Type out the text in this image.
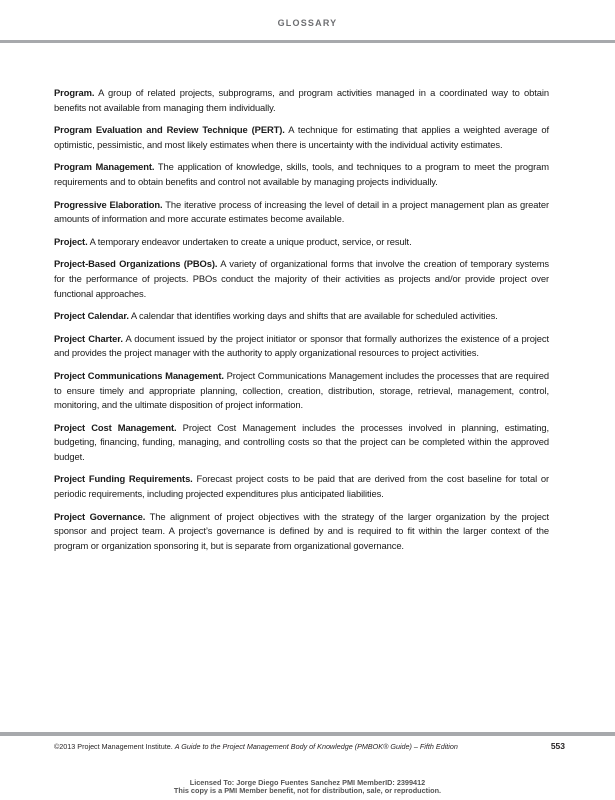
GLOSSARY

Program. A group of related projects, subprograms, and program activities managed in a coordinated way to obtain benefits not available from managing them individually.

Program Evaluation and Review Technique (PERT). A technique for estimating that applies a weighted average of optimistic, pessimistic, and most likely estimates when there is uncertainty with the individual activity estimates.

Program Management. The application of knowledge, skills, tools, and techniques to a program to meet the program requirements and to obtain benefits and control not available by managing projects individually.

Progressive Elaboration. The iterative process of increasing the level of detail in a project management plan as greater amounts of information and more accurate estimates become available.

Project. A temporary endeavor undertaken to create a unique product, service, or result.

Project-Based Organizations (PBOs). A variety of organizational forms that involve the creation of temporary systems for the performance of projects. PBOs conduct the majority of their activities as projects and/or provide project over functional approaches.

Project Calendar. A calendar that identifies working days and shifts that are available for scheduled activities.

Project Charter. A document issued by the project initiator or sponsor that formally authorizes the existence of a project and provides the project manager with the authority to apply organizational resources to project activities.

Project Communications Management. Project Communications Management includes the processes that are required to ensure timely and appropriate planning, collection, creation, distribution, storage, retrieval, management, control, monitoring, and the ultimate disposition of project information.

Project Cost Management. Project Cost Management includes the processes involved in planning, estimating, budgeting, financing, funding, managing, and controlling costs so that the project can be completed within the approved budget.

Project Funding Requirements. Forecast project costs to be paid that are derived from the cost baseline for total or periodic requirements, including projected expenditures plus anticipated liabilities.

Project Governance. The alignment of project objectives with the strategy of the larger organization by the project sponsor and project team. A project’s governance is defined by and is required to fit within the larger context of the program or organization sponsoring it, but is separate from organizational governance.

©2013 Project Management Institute. A Guide to the Project Management Body of Knowledge (PMBOK® Guide) – Fifth Edition	553
Licensed To: Jorge Diego Fuentes Sanchez PMI MemberID: 2399412
This copy is a PMI Member benefit, not for distribution, sale, or reproduction.
